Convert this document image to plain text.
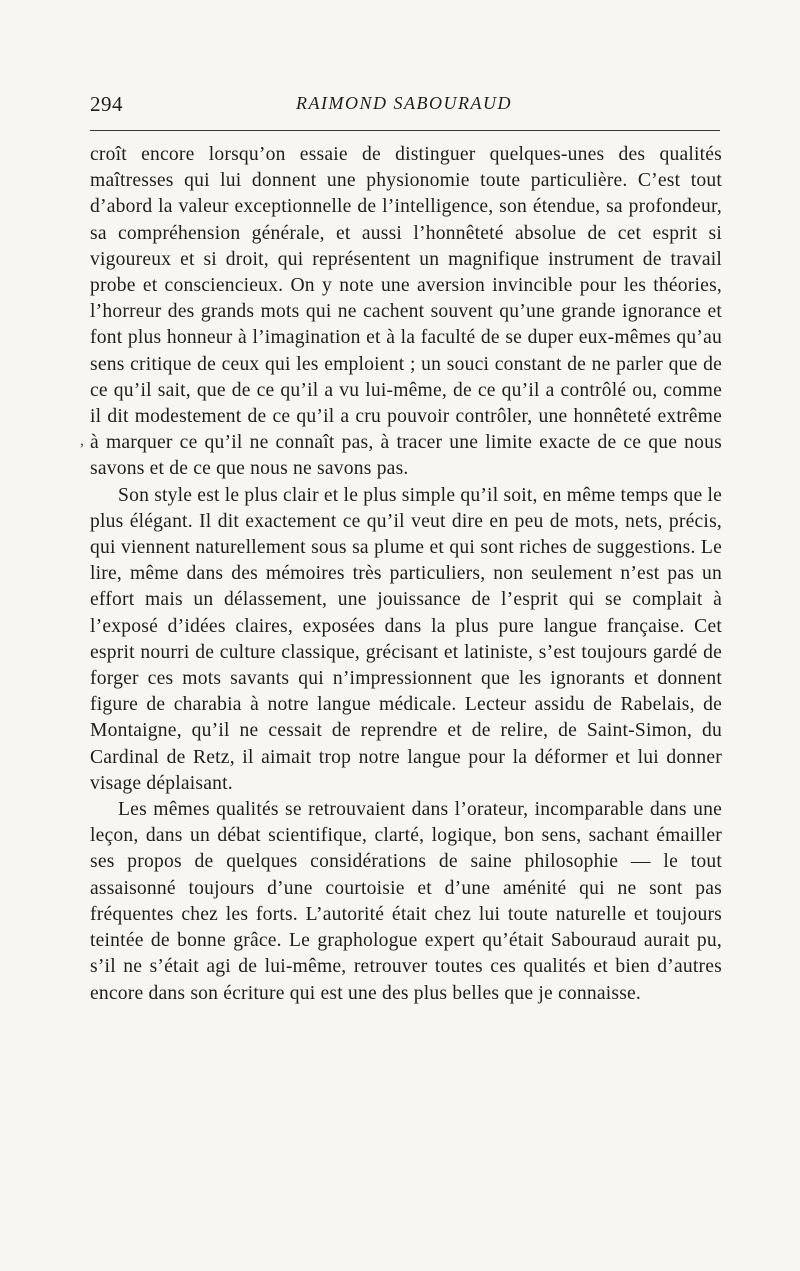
294	RAIMOND SABOURAUD
,

croît encore lorsqu’on essaie de distinguer quelques-unes des qualités maîtresses qui lui donnent une physionomie toute particulière. C’est tout d’abord la valeur exceptionnelle de l’intelligence, son étendue, sa profondeur, sa compréhension générale, et aussi l’honnêteté absolue de cet esprit si vigoureux et si droit, qui représentent un magnifique instrument de travail probe et consciencieux. On y note une aversion invincible pour les théories, l’horreur des grands mots qui ne cachent souvent qu’une grande ignorance et font plus honneur à l’imagination et à la faculté de se duper eux-mêmes qu’au sens critique de ceux qui les emploient ; un souci constant de ne parler que de ce qu’il sait, que de ce qu’il a vu lui-même, de ce qu’il a contrôlé ou, comme il dit modestement de ce qu’il a cru pouvoir contrôler, une honnêteté extrême à marquer ce qu’il ne connaît pas, à tracer une limite exacte de ce que nous savons et de ce que nous ne savons pas.

Son style est le plus clair et le plus simple qu’il soit, en même temps que le plus élégant. Il dit exactement ce qu’il veut dire en peu de mots, nets, précis, qui viennent naturellement sous sa plume et qui sont riches de suggestions. Le lire, même dans des mémoires très particuliers, non seulement n’est pas un effort mais un délassement, une jouissance de l’esprit qui se complait à l’exposé d’idées claires, exposées dans la plus pure langue française. Cet esprit nourri de culture classique, grécisant et latiniste, s’est toujours gardé de forger ces mots savants qui n’impressionnent que les ignorants et donnent figure de charabia à notre langue médicale. Lecteur assidu de Rabelais, de Montaigne, qu’il ne cessait de reprendre et de relire, de Saint-Simon, du Cardinal de Retz, il aimait trop notre langue pour la déformer et lui donner visage déplaisant.

Les mêmes qualités se retrouvaient dans l’orateur, incomparable dans une leçon, dans un débat scientifique, clarté, logique, bon sens, sachant émailler ses propos de quelques considérations de saine philosophie — le tout assaisonné toujours d’une courtoisie et d’une aménité qui ne sont pas fréquentes chez les forts. L’autorité était chez lui toute naturelle et toujours teintée de bonne grâce. Le graphologue expert qu’était Sabouraud aurait pu, s’il ne s’était agi de lui-même, retrouver toutes ces qualités et bien d’autres encore dans son écriture qui est une des plus belles que je connaisse.
